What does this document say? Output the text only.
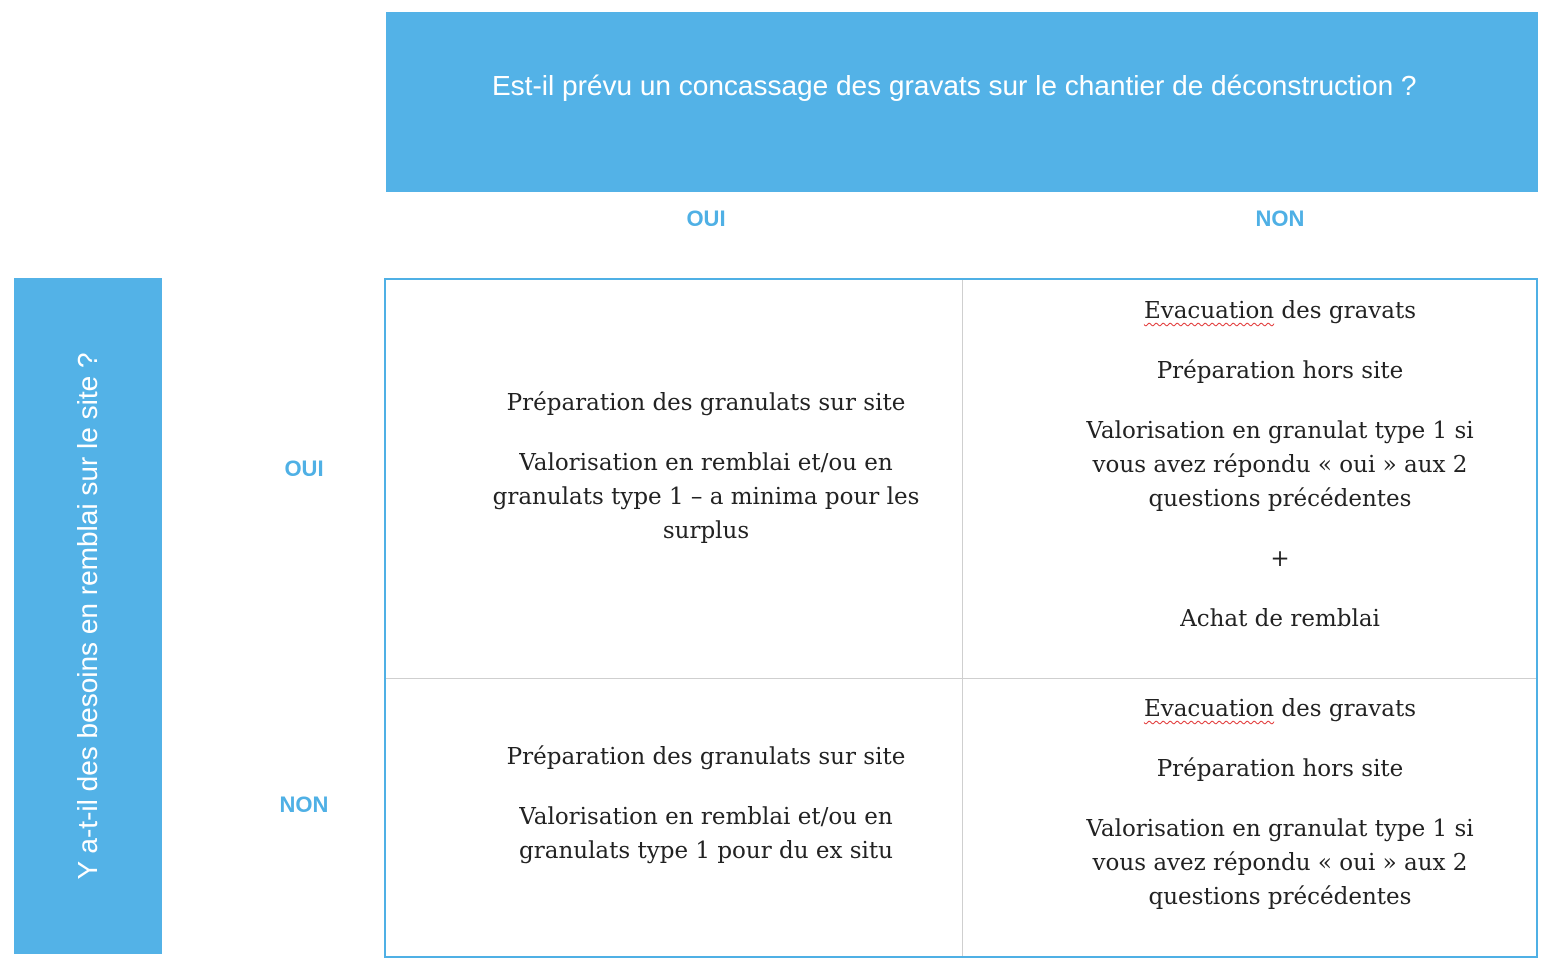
Est-il prévu un concassage des gravats sur le chantier de déconstruction ?
OUI	NON
Y a-t-il des besoins en remblai sur le site ?	OUI
NON

Préparation des granulats sur site

Valorisation en remblai et/ou en granulats type 1 – a minima pour les surplus

Evacuation des gravats

Préparation hors site

Valorisation en granulat type 1 si vous avez répondu « oui » aux 2 questions précédentes

+

Achat de remblai

Préparation des granulats sur site

Valorisation en remblai et/ou en granulats type 1 pour du ex situ

Evacuation des gravats

Préparation hors site

Valorisation en granulat type 1 si vous avez répondu « oui » aux 2 questions précédentes
